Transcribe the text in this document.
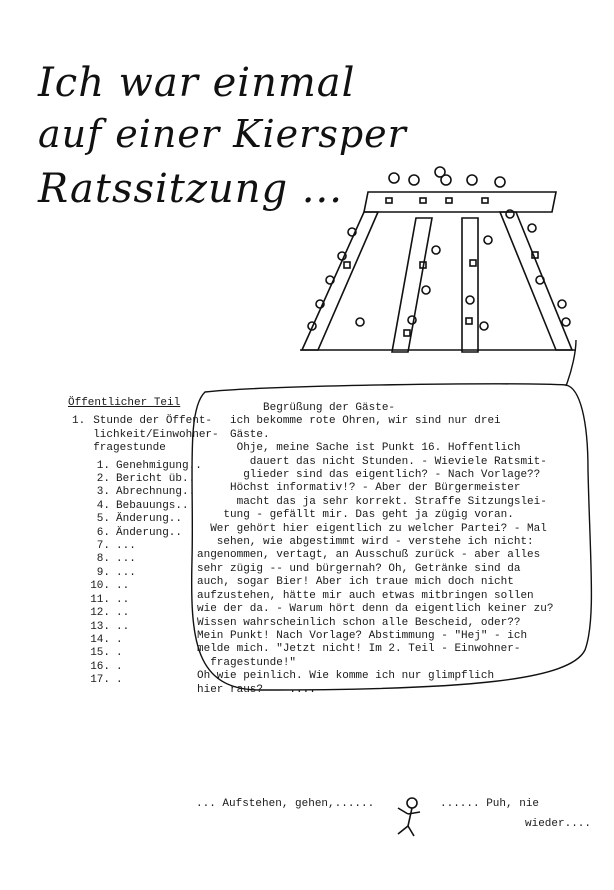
Ich war einmal
auf einer Kiersper
Ratssitzung ...
Öffentlicher Teil
1. Stunde der Öffent-
lichkeit/Einwohner-
fragestunde
1. Genehmigung..
2. Bericht üb..
3. Abrechnung..
4. Bebauungs..
5. Änderung..
6. Änderung..
7. ...
8. ...
9. ...
10. ..
11. ..
12. ..
13. ..
14. .
15. .
16. .
17. .
Begrüßung der Gäste-
ich bekomme rote Ohren, wir sind nur drei
Gäste.
Ohje, meine Sache ist Punkt 16. Hoffentlich
dauert das nicht Stunden. - Wieviele Ratsmit-
glieder sind das eigentlich? - Nach Vorlage??
Höchst informativ!? - Aber der Bürgermeister
macht das ja sehr korrekt. Straffe Sitzungslei-
tung - gefällt mir. Das geht ja zügig voran.
Wer gehört hier eigentlich zu welcher Partei? - Mal
sehen, wie abgestimmt wird - verstehe ich nicht:
angenommen, vertagt, an Ausschuß zurück - aber alles
sehr zügig -- und bürgernah? Oh, Getränke sind da
auch, sogar Bier! Aber ich traue mich doch nicht
aufzustehen, hätte mir auch etwas mitbringen sollen
wie der da. - Warum hört denn da eigentlich keiner zu?
Wissen wahrscheinlich schon alle Bescheid, oder??
Mein Punkt! Nach Vorlage? Abstimmung - "Hej" - ich
melde mich. "Jetzt nicht! Im 2. Teil - Einwohner-
fragestunde!"
Oh wie peinlich. Wie komme ich nur glimpflich
hier raus?    ....
... Aufstehen, gehen,......	...... Puh, nie
wieder....
